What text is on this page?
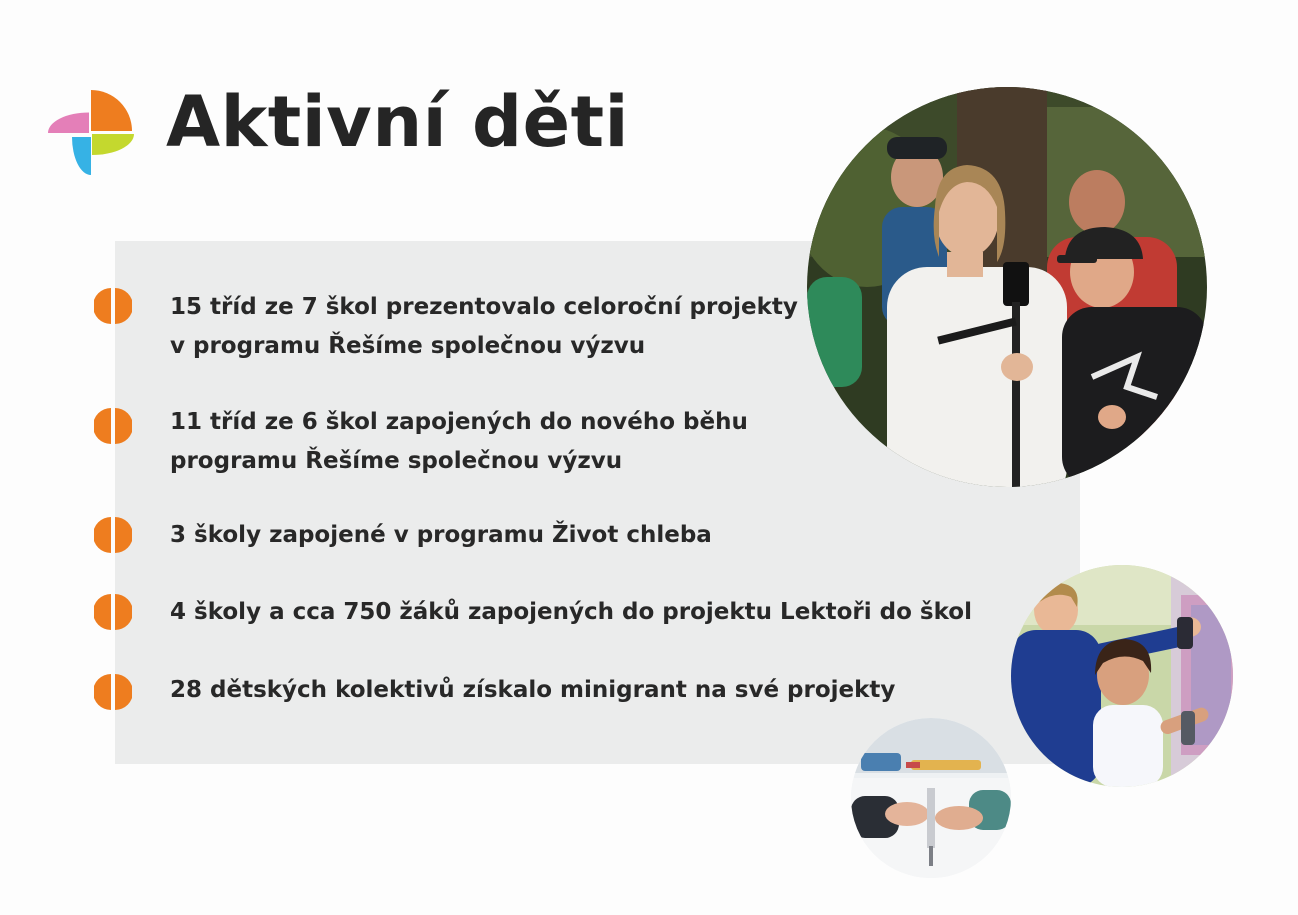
Aktivní děti

15 tříd ze 7 škol prezentovalo celoroční projekty

v programu Řešíme společnou výzvu

11 tříd ze 6 škol zapojených do nového běhu

programu Řešíme společnou výzvu

3 školy zapojené v programu Život chleba

4 školy a cca 750 žáků zapojených do projektu Lektoři do škol

28 dětských kolektivů získalo minigrant na své projekty
